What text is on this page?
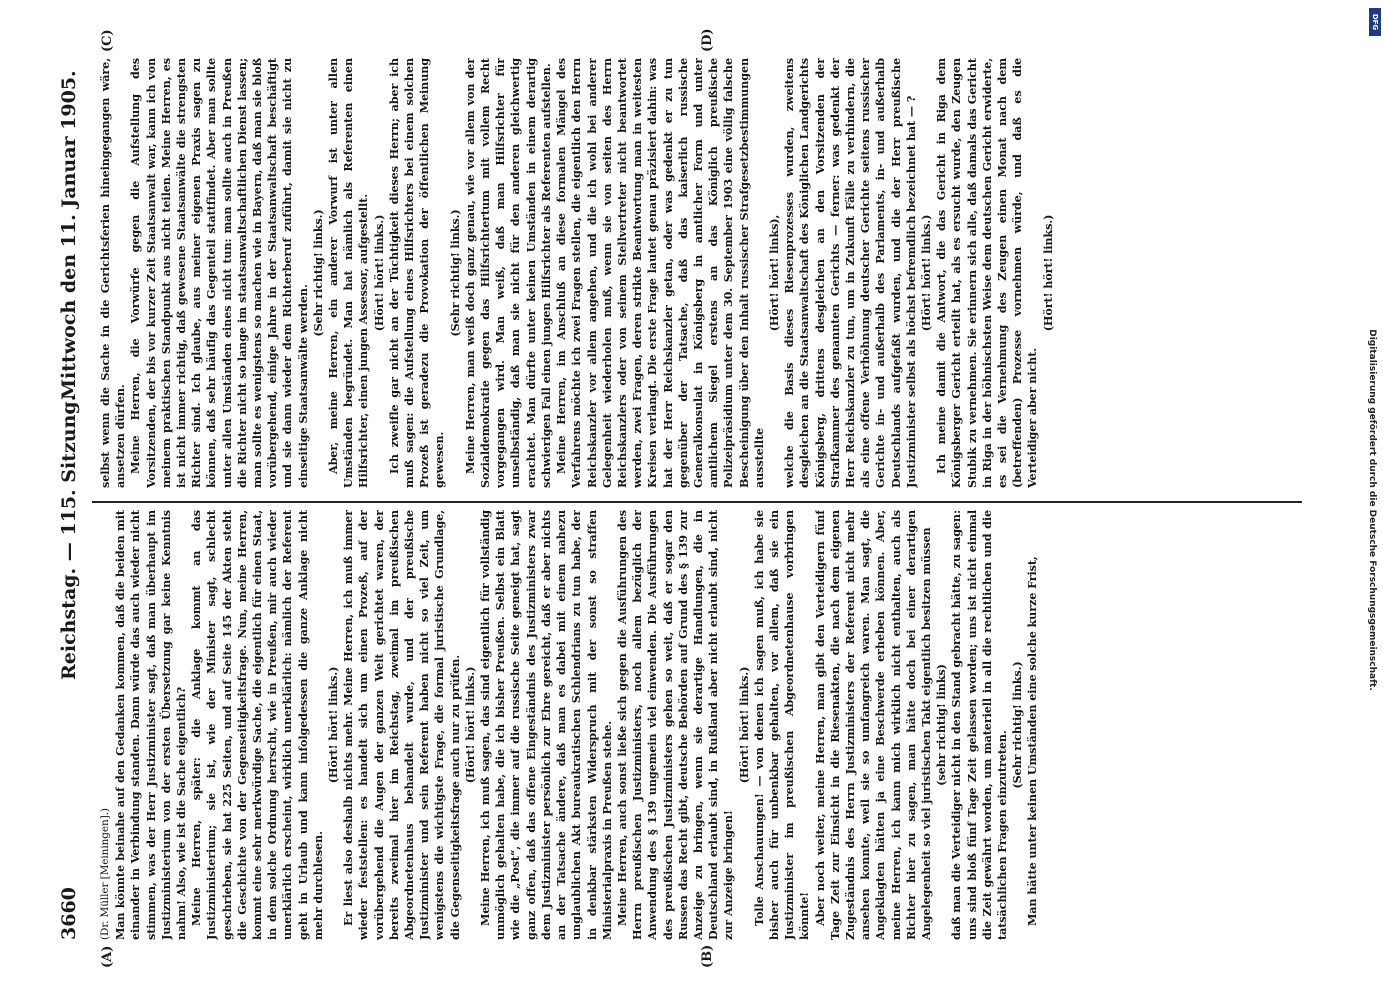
3660
Reichstag. — 115. Sitzung.
Mittwoch den 11. Januar 1905.
(A)	(B)
(C)	(D)

(Dr. Müller [Meiningen].) Man könnte beinahe auf den Gedanken kommen, daß die beiden mit einander in Verbindung standen. Dann würde das auch wieder nicht stimmen, was der Herr Justizminister sagt, daß man überhaupt im Justizministerium von der ersten Übersetzung gar keine Kenntnis nahm! Also, wie ist die Sache eigentlich? Meine Herren, später: die Anklage kommt an das Justizministerium; sie ist, wie der Minister sagt, schlecht geschrieben, sie hat 225 Seiten, und auf Seite 145 der Akten steht die Geschichte von der Gegenseitigkeitsfrage. Nun, meine Herren, kommt eine sehr merkwürdige Sache, die eigentlich für einen Staat, in dem solche Ordnung herrscht, wie in Preußen, mir auch wieder unerklärlich erscheint, wirklich unerklärlich: nämlich der Referent geht in Urlaub und kann infolgedessen die ganze Anklage nicht mehr durchlesen.

(Hört! hört! links.) Er liest also deshalb nichts mehr. Meine Herren, ich muß immer wieder feststellen: es handelt sich um einen Prozeß, auf der vorübergehend die Augen der ganzen Welt gerichtet waren, der bereits zweimal hier im Reichstag, zweimal im preußischen Abgeordnetenhaus behandelt wurde, und der preußische Justizminister und sein Referent haben nicht so viel Zeit, um wenigstens die wichtigste Frage, die formal juristische Grundlage, die Gegenseitigkeitsfrage auch nur zu prüfen. (Hört! hört! links.) Meine Herren, ich muß sagen, das sind eigentlich für vollständig unmöglich gehalten habe, die ich bisher Preußen. Selbst ein Blatt wie die „Post“, die immer auf die russische Seite geneigt hat, sagt ganz offen, daß das offene Eingeständnis des Justizministers zwar dem Justizminister persönlich zur Ehre gereicht, daß er aber nichts an der Tatsache ändere, daß man es dabei mit einem nahezu unglaublichen Akt bureaukratischen Schlendrians zu tun habe, der in denkbar stärksten Widerspruch mit der sonst so straffen Ministerialpraxis in Preußen stehe. Meine Herren, auch sonst ließe sich gegen die Ausführungen des Herrn preußischen Justizministers, noch allem bezüglich der Anwendung des § 139 ungemein viel einwenden. Die Ausführungen des preußischen Justizministers gehen so weit, daß er sogar den Russen das Recht gibt, deutsche Behörden auf Grund des § 139 zur Anzeige zu bringen, wenn sie derartige Handlungen, die in Deutschland erlaubt sind, in Rußland aber nicht erlaubt sind, nicht zur Anzeige bringen!

(Hört! hört! links.) Tolle Anschauungen! — von denen ich sagen muß, ich habe sie bisher auch für unbenkbar gehalten, vor allem, daß sie ein Justizminister im preußischen Abgeordnetenhause vorbringen könnte! Aber noch weiter, meine Herren, man gibt den Verteidigern fünf Tage Zeit zur Einsicht in die Riesenakten, die nach dem eigenen Zugeständnis des Herrn Justizministers der Referent nicht mehr ansehen konnte, weil sie so umfangreich waren. Man sagt, die Angeklagten hätten ja eine Beschwerde erheben können. Aber, meine Herren, ich kann mich wirklich nicht enthalten, auch als Richter hier zu sagen, man hätte doch bei einer derartigen Angelegenheit so viel juristischen Takt eigentlich besitzen müssen (sehr richtig! links) daß man die Verteidiger nicht in den Stand gebracht hätte, zu sagen: uns sind bloß fünf Tage Zeit gelassen worden; uns ist nicht einmal die Zeit gewährt worden, um materiell in all die rechtlichen und die tatsächlichen Fragen einzutreten.

(Sehr richtig! links.) Man hätte unter keinen Umständen eine solche kurze Frist,

selbst wenn die Sache in die Gerichtsferien hineingegangen wäre, ansetzen dürfen. Meine Herren, die Vorwürfe gegen die Aufstellung des Vorsitzenden, der bis vor kurzer Zeit Staatsanwalt war, kann ich von meinem praktischen Standpunkt aus nicht teilen. Meine Herren, es ist nicht immer richtig, daß gewesene Staatsanwälte die strengsten Richter sind. Ich glaube, aus meiner eigenen Praxis sagen zu können, daß sehr häufig das Gegenteil stattfindet. Aber man sollte unter allen Umständen eines nicht tun: man sollte auch in Preußen die Richter nicht so lange im staatsanwaltschaftlichen Dienst lassen; man sollte es wenigstens so machen wie in Bayern, daß man sie bloß vorübergehend, einige Jahre in der Staatsanwaltschaft beschäftigt und sie dann wieder dem Richterberuf zuführt, damit sie nicht zu einseitige Staatsanwälte werden.

(Sehr richtig! links.) Aber, meine Herren, ein anderer Vorwurf ist unter allen Umständen begründet. Man hat nämlich als Referenten einen Hilfsrichter, einen jungen Assessor, aufgestellt. (Hört! hört! links.) Ich zweifle gar nicht an der Tüchtigkeit dieses Herrn; aber ich muß sagen: die Aufstellung eines Hilfsrichters bei einem solchen Prozeß ist geradezu die Provokation der öffentlichen Meinung gewesen.

(Sehr richtig! links.) Meine Herren, man weiß doch ganz genau, wie vor allem von der Sozialdemokratie gegen das Hilfsrichtertum mit vollem Recht vorgegangen wird. Man weiß, daß man Hilfsrichter für unselbständig, daß man sie nicht für den anderen gleichwertig erachtet. Man dürfte unter keinen Umständen in einem derartig schwierigen Fall einen jungen Hilfsrichter als Referenten aufstellen. Meine Herren, im Anschluß an diese formalen Mängel des Verfahrens möchte ich zwei Fragen stellen, die eigentlich den Herrn Reichskanzler vor allem angehen, und die ich wohl bei anderer Gelegenheit wiederholen muß, wenn sie von seiten des Herrn Reichskanzlers oder von seinem Stellvertreter nicht beantwortet werden, zwei Fragen, deren strikte Beantwortung man in weitesten Kreisen verlangt. Die erste Frage lautet genau präzisiert dahin: was hat der Herr Reichskanzler getan, oder was gedenkt er zu tun gegenüber der Tatsache, daß das kaiserlich russische Generalkonsulat in Königsberg in amtlicher Form und unter amtlichem Siegel erstens an das Königlich preußische Polizeipräsidium unter dem 30. September 1903 eine völlig falsche Bescheinigung über den Inhalt russischer Strafgesetzbestimmungen ausstellte

(Hört! hört! links), welche die Basis dieses Riesenprozesses wurden, zweitens desgleichen an die Staatsanwaltschaft des Königlichen Landgerichts Königsberg, drittens desgleichen an den Vorsitzenden der Strafkammer des genannten Gerichts — ferner: was gedenkt der Herr Reichskanzler zu tun, um in Zukunft Fälle zu verhindern, die als eine offene Verhöhnung deutscher Gerichte seitens russischer Gerichte in- und außerhalb des Parlaments, in- und außerhalb Deutschlands aufgefaßt wurden, und die der Herr preußische Justizminister selbst als höchst befremdlich bezeichnet hat — ? (Hört! hört! links.) Ich meine damit die Antwort, die das Gericht in Riga dem Königsberger Gericht erteilt hat, als es ersucht wurde, den Zeugen Stubik zu vernehmen. Sie erinnern sich alle, daß damals das Gericht in Riga in der höhnischsten Weise dem deutschen Gericht erwiderte, es sei die Vernehmung des Zeugen einen Monat nach dem (betreffenden) Prozesse vornehmen würde, und daß es die Verteidiger aber nicht.

(Hört! hört! links.)

DFG
Digitalisierung gefördert durch die Deutsche Forschungsgemeinschaft.
